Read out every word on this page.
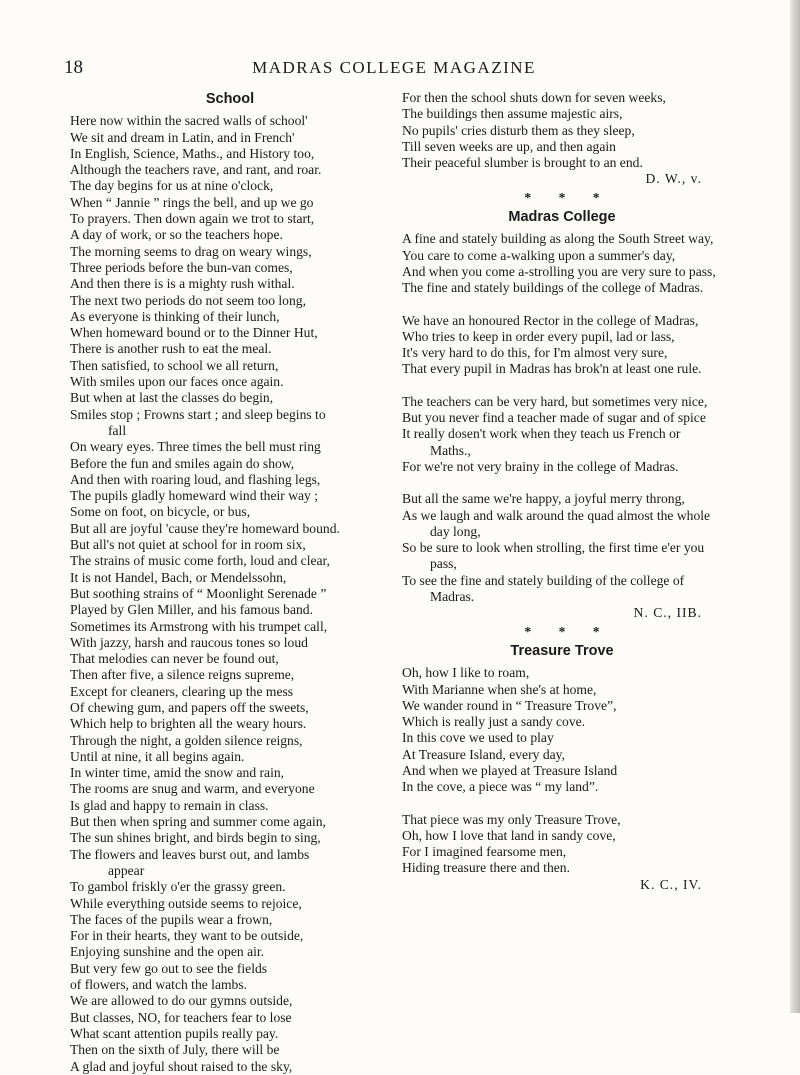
18	MADRAS COLLEGE MAGAZINE
School
Here now within the sacred walls of school'
We sit and dream in Latin, and in French'
In English, Science, Maths., and History too,
Although the teachers rave, and rant, and roar.
The day begins for us at nine o'clock,
When “ Jannie ” rings the bell, and up we go
To prayers. Then down again we trot to start,
A day of work, or so the teachers hope.
The morning seems to drag on weary wings,
Three periods before the bun-van comes,
And then there is is a mighty rush withal.
The next two periods do not seem too long,
As everyone is thinking of their lunch,
When homeward bound or to the Dinner Hut,
There is another rush to eat the meal.
Then satisfied, to school we all return,
With smiles upon our faces once again.
But when at last the classes do begin,
Smiles stop ; Frowns start ; and sleep begins to
fall
On weary eyes. Three times the bell must ring
Before the fun and smiles again do show,
And then with roaring loud, and flashing legs,
The pupils gladly homeward wind their way ;
Some on foot, on bicycle, or bus,
But all are joyful 'cause they're homeward bound.
But all's not quiet at school for in room six,
The strains of music come forth, loud and clear,
It is not Handel, Bach, or Mendelssohn,
But soothing strains of “ Moonlight Serenade ”
Played by Glen Miller, and his famous band.
Sometimes its Armstrong with his trumpet call,
With jazzy, harsh and raucous tones so loud
That melodies can never be found out,
Then after five, a silence reigns supreme,
Except for cleaners, clearing up the mess
Of chewing gum, and papers off the sweets,
Which help to brighten all the weary hours.
Through the night, a golden silence reigns,
Until at nine, it all begins again.
In winter time, amid the snow and rain,
The rooms are snug and warm, and everyone
Is glad and happy to remain in class.
But then when spring and summer come again,
The sun shines bright, and birds begin to sing,
The flowers and leaves burst out, and lambs
appear
To gambol friskly o'er the grassy green.
While everything outside seems to rejoice,
The faces of the pupils wear a frown,
For in their hearts, they want to be outside,
Enjoying sunshine and the open air.
But very few go out to see the fields
of flowers, and watch the lambs.
We are allowed to do our gymns outside,
But classes, NO, for teachers fear to lose
What scant attention pupils really pay.
Then on the sixth of July, there will be
A glad and joyful shout raised to the sky,
For then the school shuts down for seven weeks,
The buildings then assume majestic airs,
No pupils' cries disturb them as they sleep,
Till seven weeks are up, and then again
Their peaceful slumber is brought to an end.
D. W., v.
* * *
Madras College
A fine and stately building as along the South Street way,
You care to come a-walking upon a summer's day,
And when you come a-strolling you are very sure to pass,
The fine and stately buildings of the college of Madras.
We have an honoured Rector in the college of Madras,
Who tries to keep in order every pupil, lad or lass,
It's very hard to do this, for I'm almost very sure,
That every pupil in Madras has brok'n at least one rule.
The teachers can be very hard, but sometimes very nice,
But you never find a teacher made of sugar and of spice
It really dosen't work when they teach us French or Maths.,
For we're not very brainy in the college of Madras.
But all the same we're happy, a joyful merry throng,
As we laugh and walk around the quad almost the whole day long,
So be sure to look when strolling, the first time e'er you pass,
To see the fine and stately building of the college of Madras.
N. C., IIB.
* * *
Treasure Trove
Oh, how I like to roam,
With Marianne when she's at home,
We wander round in “ Treasure Trove”,
Which is really just a sandy cove.
In this cove we used to play
At Treasure Island, every day,
And when we played at Treasure Island
In the cove, a piece was “ my land”.
That piece was my only Treasure Trove,
Oh, how I love that land in sandy cove,
For I imagined fearsome men,
Hiding treasure there and then.
K. C., IV.
